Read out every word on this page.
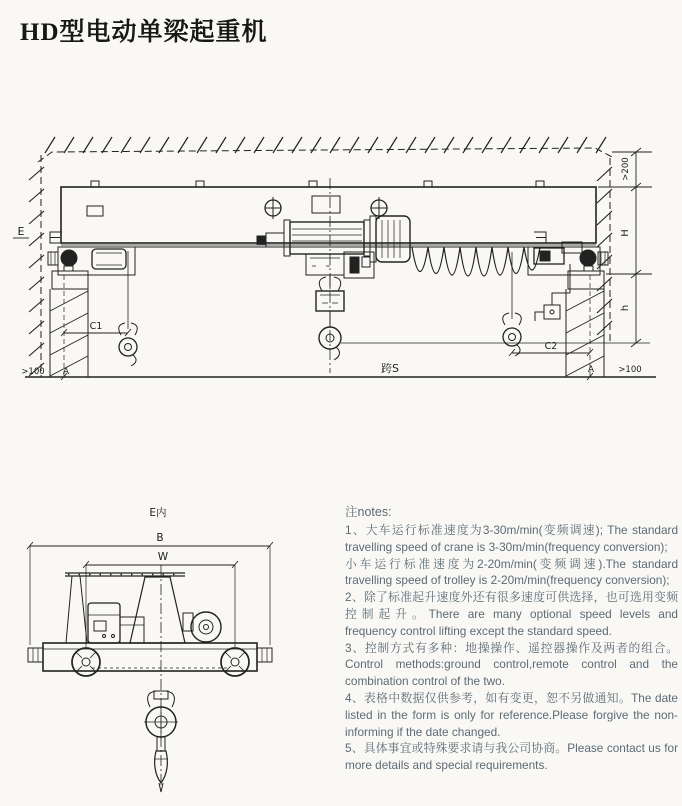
HD型电动单梁起重机
E
C1
C2
跨S
A	A
>100	>100
>200
H
h
E内
B
W
注notes:

1、大车运行标准速度为3-30m/min(变频调速); The standard travelling speed of crane is 3-30m/min(frequency conversion);

小车运行标准速度为2-20m/min(变频调速).The standard travelling speed of trolley is 2-20m/min(frequency conversion);

2、除了标准起升速度外还有很多速度可供选择，也可选用变频控制起升。There are many optional speed levels and frequency control lifting except the standard speed.

3、控制方式有多种：地操操作、遥控器操作及两者的组合。Control methods:ground control,remote control and the combination control of the two.

4、表格中数据仅供参考，如有变更，恕不另做通知。The date listed in the form is only for reference.Please forgive the non-informing if the date changed.

5、具体事宜或特殊要求请与我公司协商。Please contact us for more details and special requirements.
